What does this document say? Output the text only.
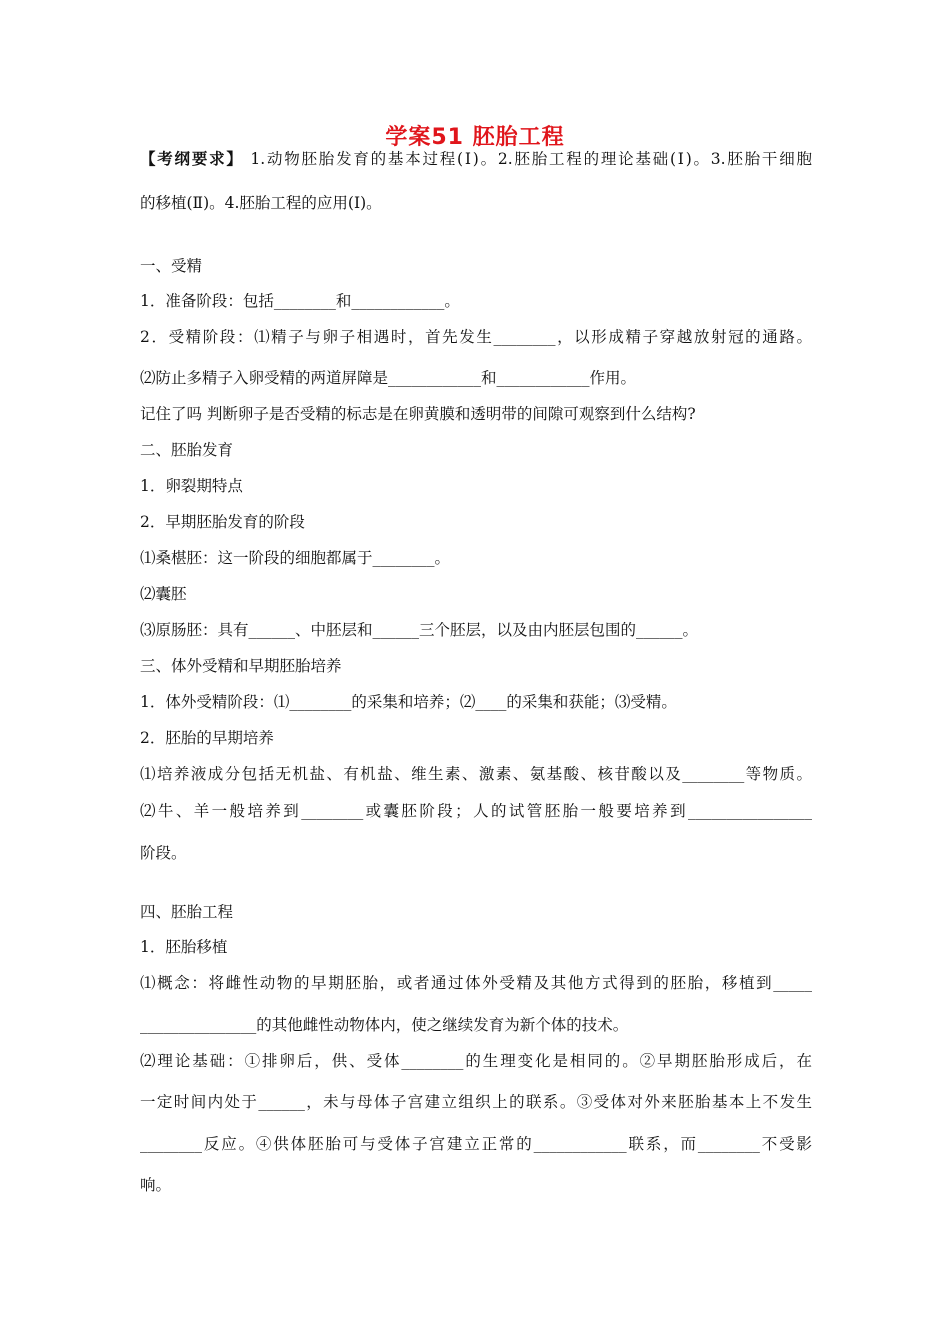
学案51 胚胎工程
【考纲要求】 1.动物胚胎发育的基本过程(Ⅰ)。2.胚胎工程的理论基础(Ⅰ)。3.胚胎干细胞
的移植(Ⅱ)。4.胚胎工程的应用(Ⅰ)。
一、受精
1．准备阶段：包括________和____________。
2．受精阶段：⑴精子与卵子相遇时，首先发生________，以形成精子穿越放射冠的通路。
⑵防止多精子入卵受精的两道屏障是____________和____________作用。
记住了吗 判断卵子是否受精的标志是在卵黄膜和透明带的间隙可观察到什么结构?
二、胚胎发育
1．卵裂期特点
2．早期胚胎发育的阶段
⑴桑椹胚：这一阶段的细胞都属于________。
⑵囊胚
⑶原肠胚：具有______、中胚层和______三个胚层，以及由内胚层包围的______。
三、体外受精和早期胚胎培养
1．体外受精阶段：⑴________的采集和培养；⑵____的采集和获能；⑶受精。
2．胚胎的早期培养
⑴培养液成分包括无机盐、有机盐、维生素、激素、氨基酸、核苷酸以及________等物质。
⑵牛、羊一般培养到________或囊胚阶段；人的试管胚胎一般要培养到________________
阶段。
四、胚胎工程
1．胚胎移植
⑴概念：将雌性动物的早期胚胎，或者通过体外受精及其他方式得到的胚胎，移植到_____
_______________的其他雌性动物体内，使之继续发育为新个体的技术。
⑵理论基础：①排卵后，供、受体________的生理变化是相同的。②早期胚胎形成后，在
一定时间内处于______，未与母体子宫建立组织上的联系。③受体对外来胚胎基本上不发生
________反应。④供体胚胎可与受体子宫建立正常的____________联系，而________不受影
响。
